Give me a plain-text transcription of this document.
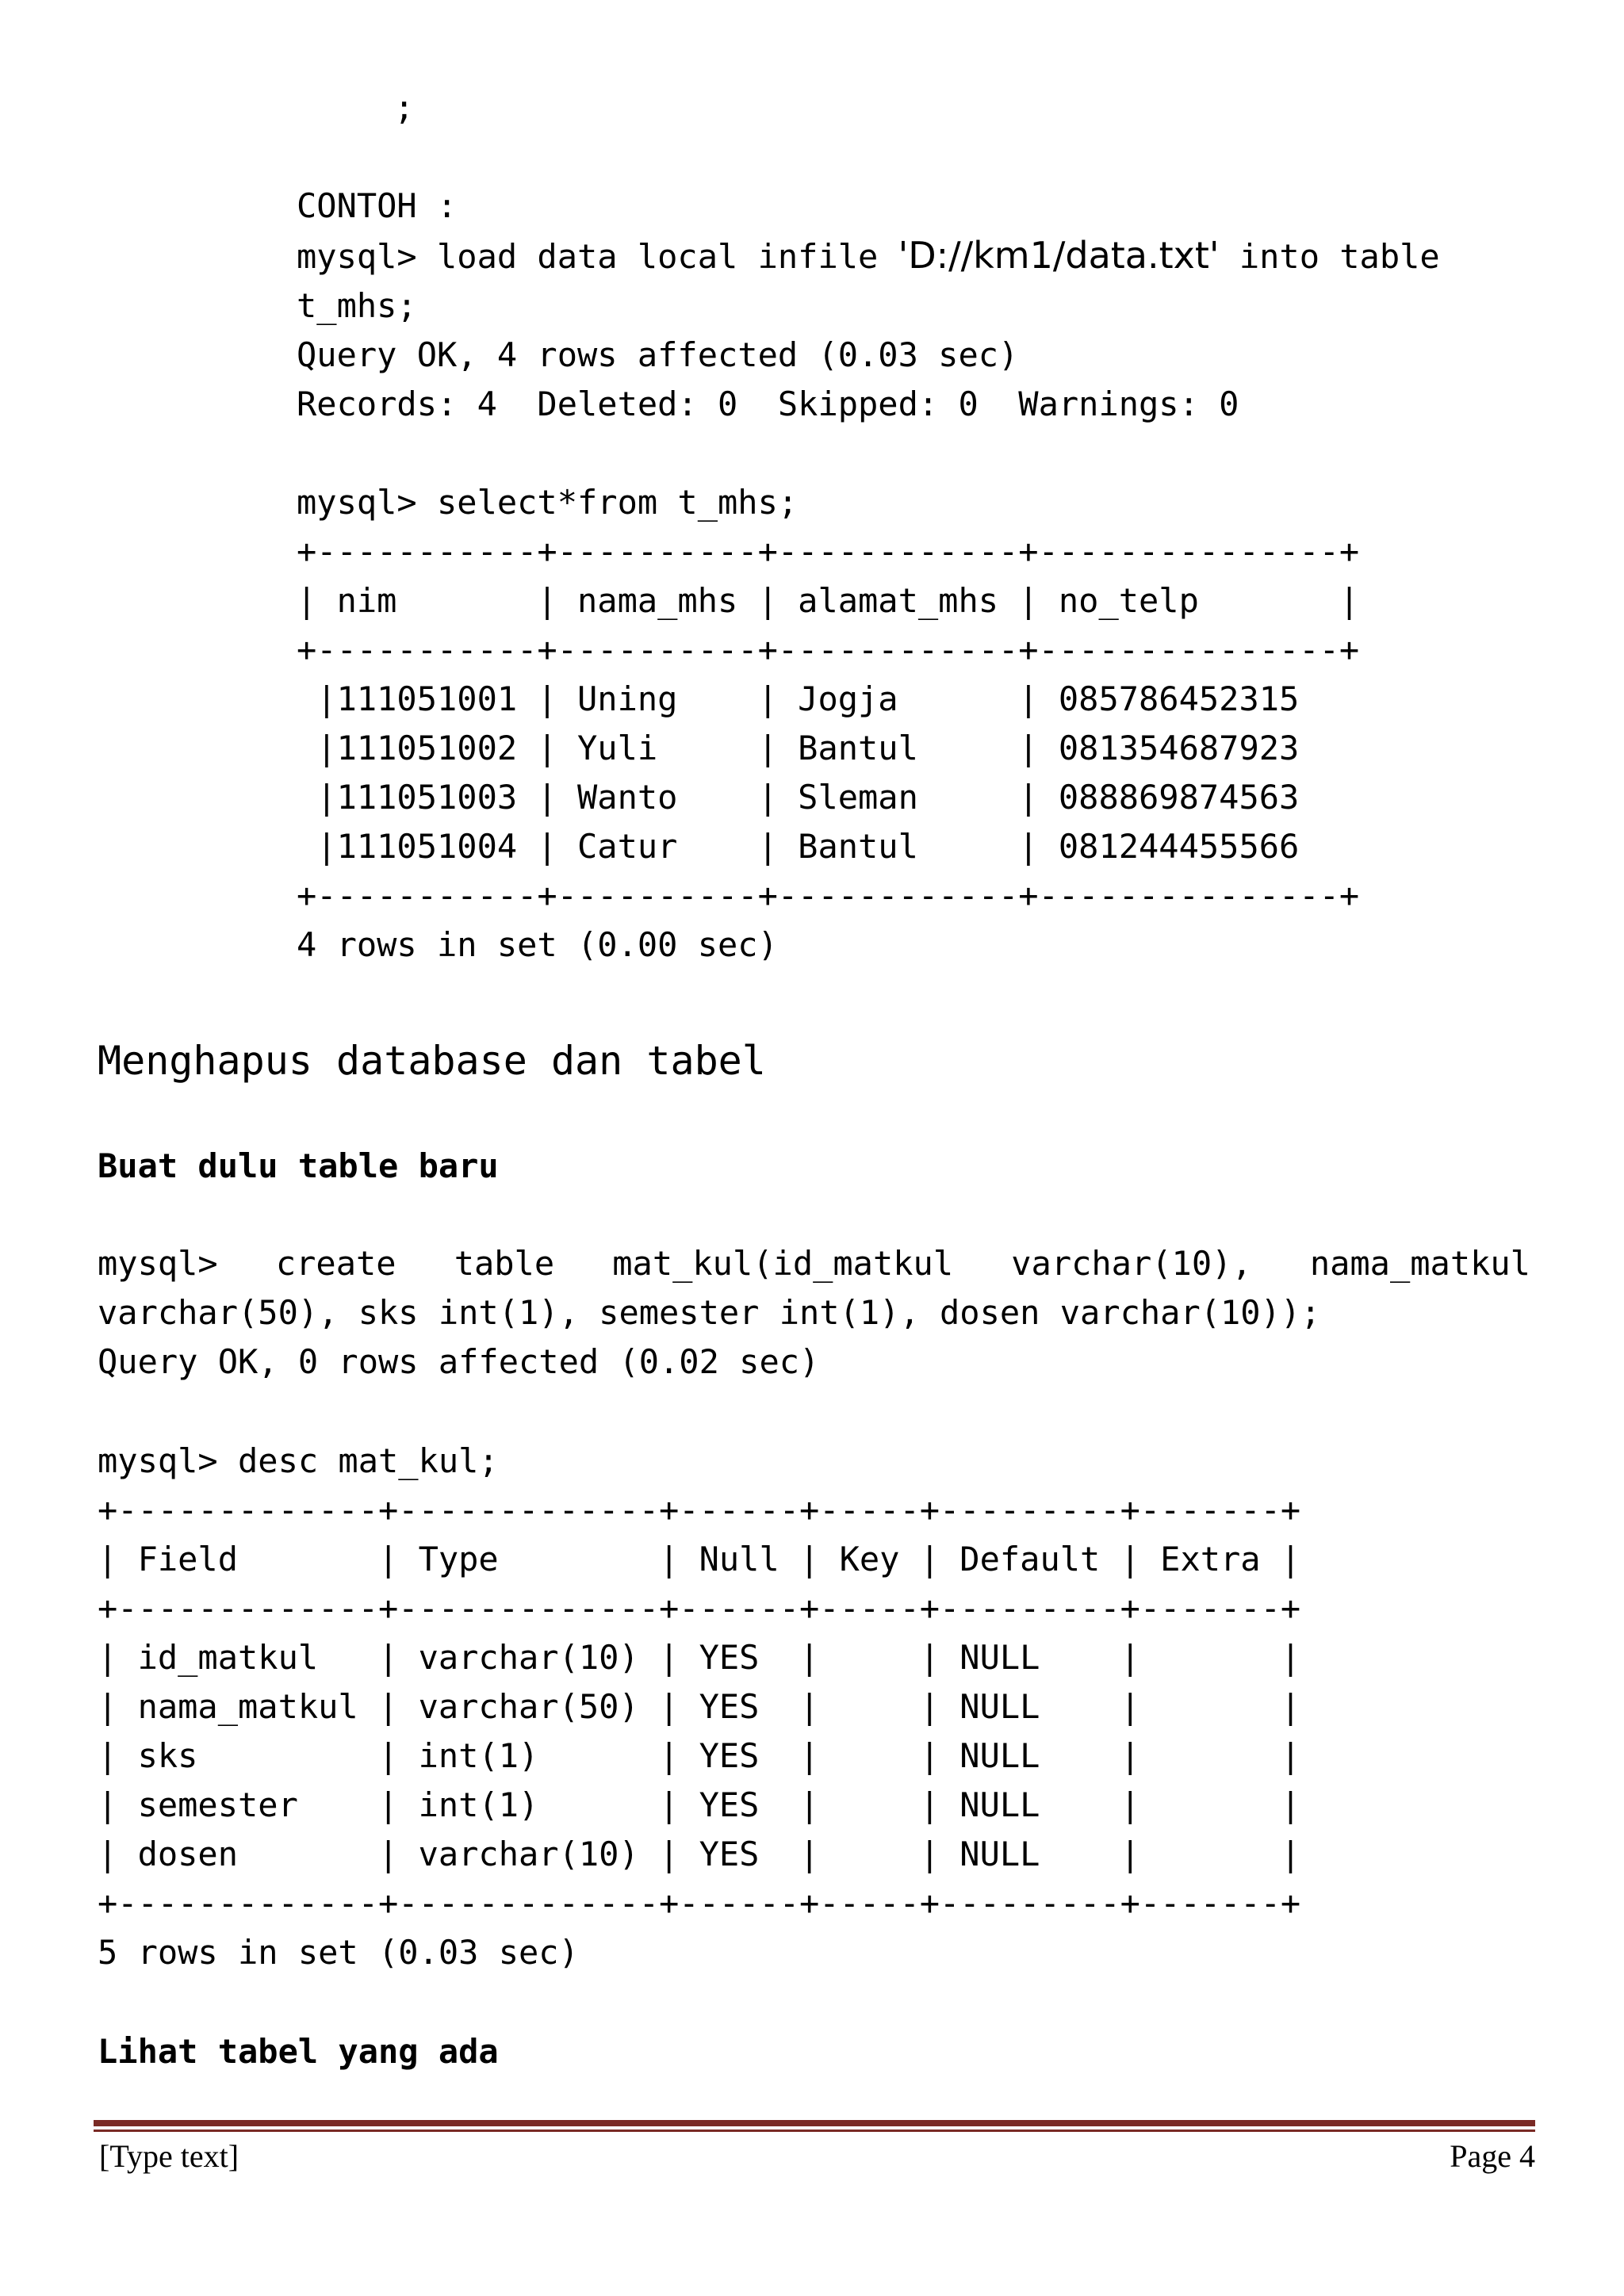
;

CONTOH :
mysql> load data local infile 'D://km1/data.txt' into table
t_mhs;
Query OK, 4 rows affected (0.03 sec)
Records: 4  Deleted: 0  Skipped: 0  Warnings: 0

mysql> select*from t_mhs;
+-----------+----------+------------+---------------+
| nim       | nama_mhs | alamat_mhs | no_telp       |
+-----------+----------+------------+---------------+
|111051001 | Uning    | Jogja      | 085786452315
|111051002 | Yuli     | Bantul     | 081354687923
|111051003 | Wanto    | Sleman     | 088869874563
|111051004 | Catur    | Bantul     | 081244455566
+-----------+----------+------------+---------------+
4 rows in set (0.00 sec)
Menghapus database dan tabel
Buat dulu table baru
mysql> create table mat_kul(id_matkul varchar(10), nama_matkul
varchar(50), sks int(1), semester int(1), dosen varchar(10));
Query OK, 0 rows affected (0.02 sec)
mysql> desc mat_kul;
+-------------+-------------+------+-----+---------+-------+
| Field       | Type        | Null | Key | Default | Extra |
+-------------+-------------+------+-----+---------+-------+
| id_matkul   | varchar(10) | YES  |     | NULL    |       |
| nama_matkul | varchar(50) | YES  |     | NULL    |       |
| sks         | int(1)      | YES  |     | NULL    |       |
| semester    | int(1)      | YES  |     | NULL    |       |
| dosen       | varchar(10) | YES  |     | NULL    |       |
+-------------+-------------+------+-----+---------+-------+
5 rows in set (0.03 sec)
Lihat tabel yang ada
[Type text]	Page 4
